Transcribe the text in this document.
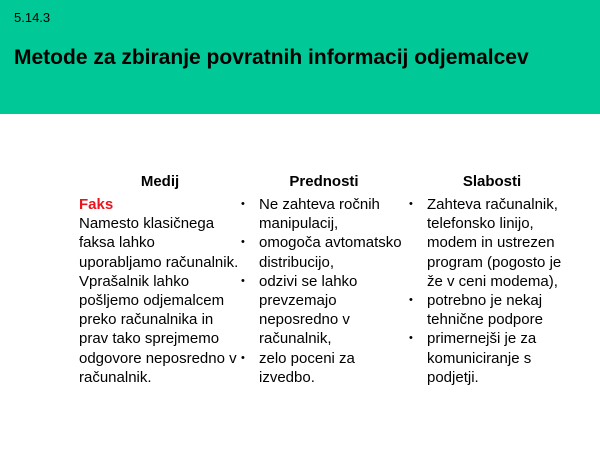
5.14.3
Metode za zbiranje povratnih informacij odjemalcev
Medij
Faks

Namesto klasičnega faksa lahko uporabljamo računalnik. Vprašalnik lahko pošljemo odjemalcem preko računalnika in prav tako sprejmemo odgovore neposredno v računalnik.

Prednosti
• Ne zahteva ročnih manipulacij,
• omogoča avtomatsko distribucijo,
• odzivi se lahko prevzemajo neposredno v računalnik,
• zelo poceni za izvedbo.
Slabosti
• Zahteva računalnik, telefonsko linijo, modem in ustrezen program (pogosto je že v ceni modema),
• potrebno je nekaj tehnične podpore
• primernejši je za komuniciranje s podjetji.
